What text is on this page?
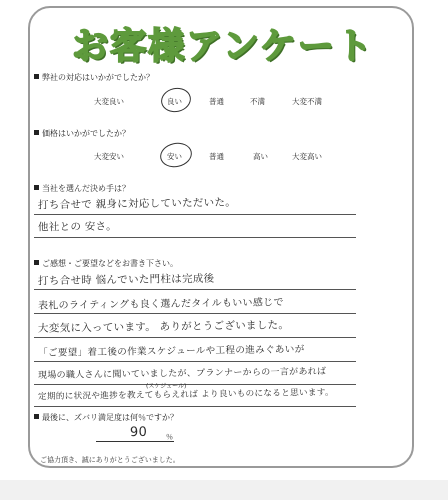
お客様アンケート
弊社の対応はいかがでしたか？
大変良い	良い	普通	不満	大変不満
価格はいかがでしたか？
大変安い	安い	普通	高い	大変高い
当社を選んだ決め手は？
打ち合せで 親身に対応していただいた。
他社との 安さ。
ご感想・ご要望などをお書き下さい。
打ち合せ時 悩んでいた門柱は完成後
表札のライティングも良く選んだタイルもいい感じで
大変気に入っています。 ありがとうございました。
「ご要望」着工後の作業スケジュールや工程の進みぐあいが
現場の職人さんに聞いていましたが、プランナーからの一言があれば
(スケジュール)
定期的に状況や進捗を教えてもらえれば より良いものになると思います。
最後に、ズバリ満足度は何％ですか？
90	％
ご協力頂き、誠にありがとうございました。
